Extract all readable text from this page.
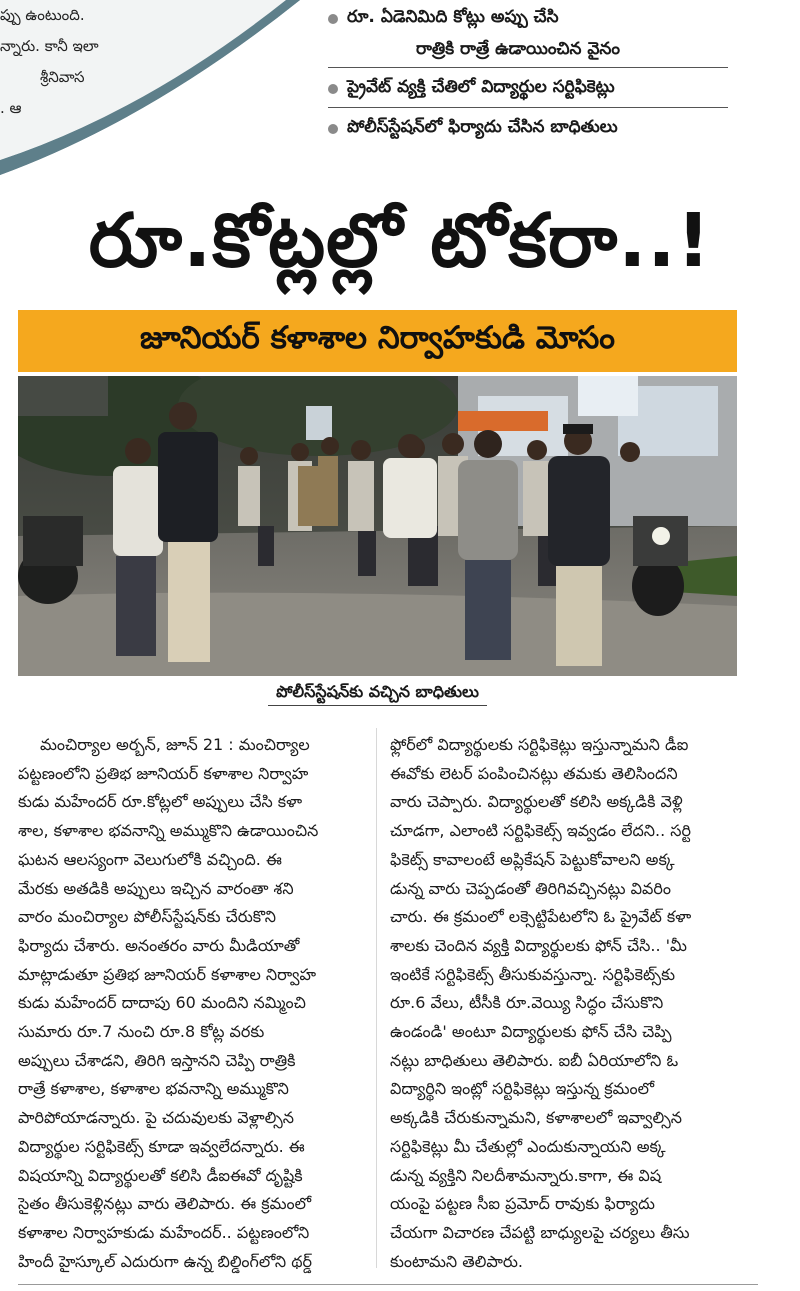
ప్పు ఉంటుంది.
న్నారు. కానీ ఇలా
శ్రీనివాస
. ఆ
రూ. ఏడెనిమిది కోట్లు అప్పు చేసి
రాత్రికి రాత్రే ఉడాయించిన వైనం
ప్రైవేట్ వ్యక్తి చేతిలో విద్యార్థుల సర్టిఫికెట్లు
పోలీస్‌స్టేషన్‌లో ఫిర్యాదు చేసిన బాధితులు
రూ.కోట్లల్లో టోకరా..!
జూనియర్ కళాశాల నిర్వాహకుడి మోసం
పోలీస్‌స్టేషన్‌కు వచ్చిన బాధితులు
మంచిర్యాల అర్బన్, జూన్ 21 : మంచిర్యాల
పట్టణంలోని ప్రతిభ జూనియర్ కళాశాల నిర్వాహ
కుడు మహేందర్ రూ.కోట్లలో అప్పులు చేసి కళా
శాల, కళాశాల భవనాన్ని అమ్ముకొని ఉడాయించిన
ఘటన ఆలస్యంగా వెలుగులోకి వచ్చింది. ఈ
మేరకు అతడికి అప్పులు ఇచ్చిన వారంతా శని
వారం మంచిర్యాల పోలీస్‌స్టేషన్‌కు చేరుకొని
ఫిర్యాదు చేశారు. అనంతరం వారు మీడియాతో
మాట్లాడుతూ ప్రతిభ జూనియర్ కళాశాల నిర్వాహ
కుడు మహేందర్ దాదాపు 60 మందిని నమ్మించి
సుమారు రూ.7 నుంచి రూ.8 కోట్ల వరకు
అప్పులు చేశాడని, తిరిగి ఇస్తానని చెప్పి రాత్రికి
రాత్రే కళాశాల, కళాశాల భవనాన్ని అమ్ముకొని
పారిపోయాడన్నారు. పై చదువులకు వెళ్లాల్సిన
విద్యార్థుల సర్టిఫికెట్స్ కూడా ఇవ్వలేదన్నారు. ఈ
విషయాన్ని విద్యార్థులతో కలిసి డీఐఈవో దృష్టికి
సైతం తీసుకెళ్లినట్లు వారు తెలిపారు. ఈ క్రమంలో
కళాశాల నిర్వాహకుడు మహేందర్.. పట్టణంలోని
హిందీ హైస్కూల్ ఎదురుగా ఉన్న బిల్డింగ్‌లోని థర్డ్
ఫ్లోర్‌లో విద్యార్థులకు సర్టిఫికెట్లు ఇస్తున్నామని డీఐ
ఈవోకు లెటర్ పంపించినట్లు తమకు తెలిసిందని
వారు చెప్పారు. విద్యార్థులతో కలిసి అక్కడికి వెళ్లి
చూడగా, ఎలాంటి సర్టిఫికెట్స్ ఇవ్వడం లేదని.. సర్టి
ఫికెట్స్ కావాలంటే అప్లికేషన్ పెట్టుకోవాలని అక్క
డున్న వారు చెప్పడంతో తిరిగివచ్చినట్లు వివరిం
చారు. ఈ క్రమంలో లక్సెట్టిపేటలోని ఓ ప్రైవేట్ కళా
శాలకు చెందిన వ్యక్తి విద్యార్థులకు ఫోన్ చేసి.. 'మీ
ఇంటికే సర్టిఫికెట్స్ తీసుకువస్తున్నా. సర్టిఫికెట్స్‌కు
రూ.6 వేలు, టీసీకి రూ.వెయ్యి సిద్ధం చేసుకొని
ఉండండి' అంటూ విద్యార్థులకు ఫోన్ చేసి చెప్పి
నట్లు బాధితులు తెలిపారు. ఐబీ ఏరియాలోని ఓ
విద్యార్థిని ఇంట్లో సర్టిఫికెట్లు ఇస్తున్న క్రమంలో
అక్కడికి చేరుకున్నామని, కళాశాలలో ఇవ్వాల్సిన
సర్టిఫికెట్లు మీ చేతుల్లో ఎందుకున్నాయని అక్క
డున్న వ్యక్తిని నిలదీశామన్నారు.కాగా, ఈ విష
యంపై పట్టణ సీఐ ప్రమోద్ రావుకు ఫిర్యాదు
చేయగా విచారణ చేపట్టి బాధ్యులపై చర్యలు తీసు
కుంటామని తెలిపారు.
